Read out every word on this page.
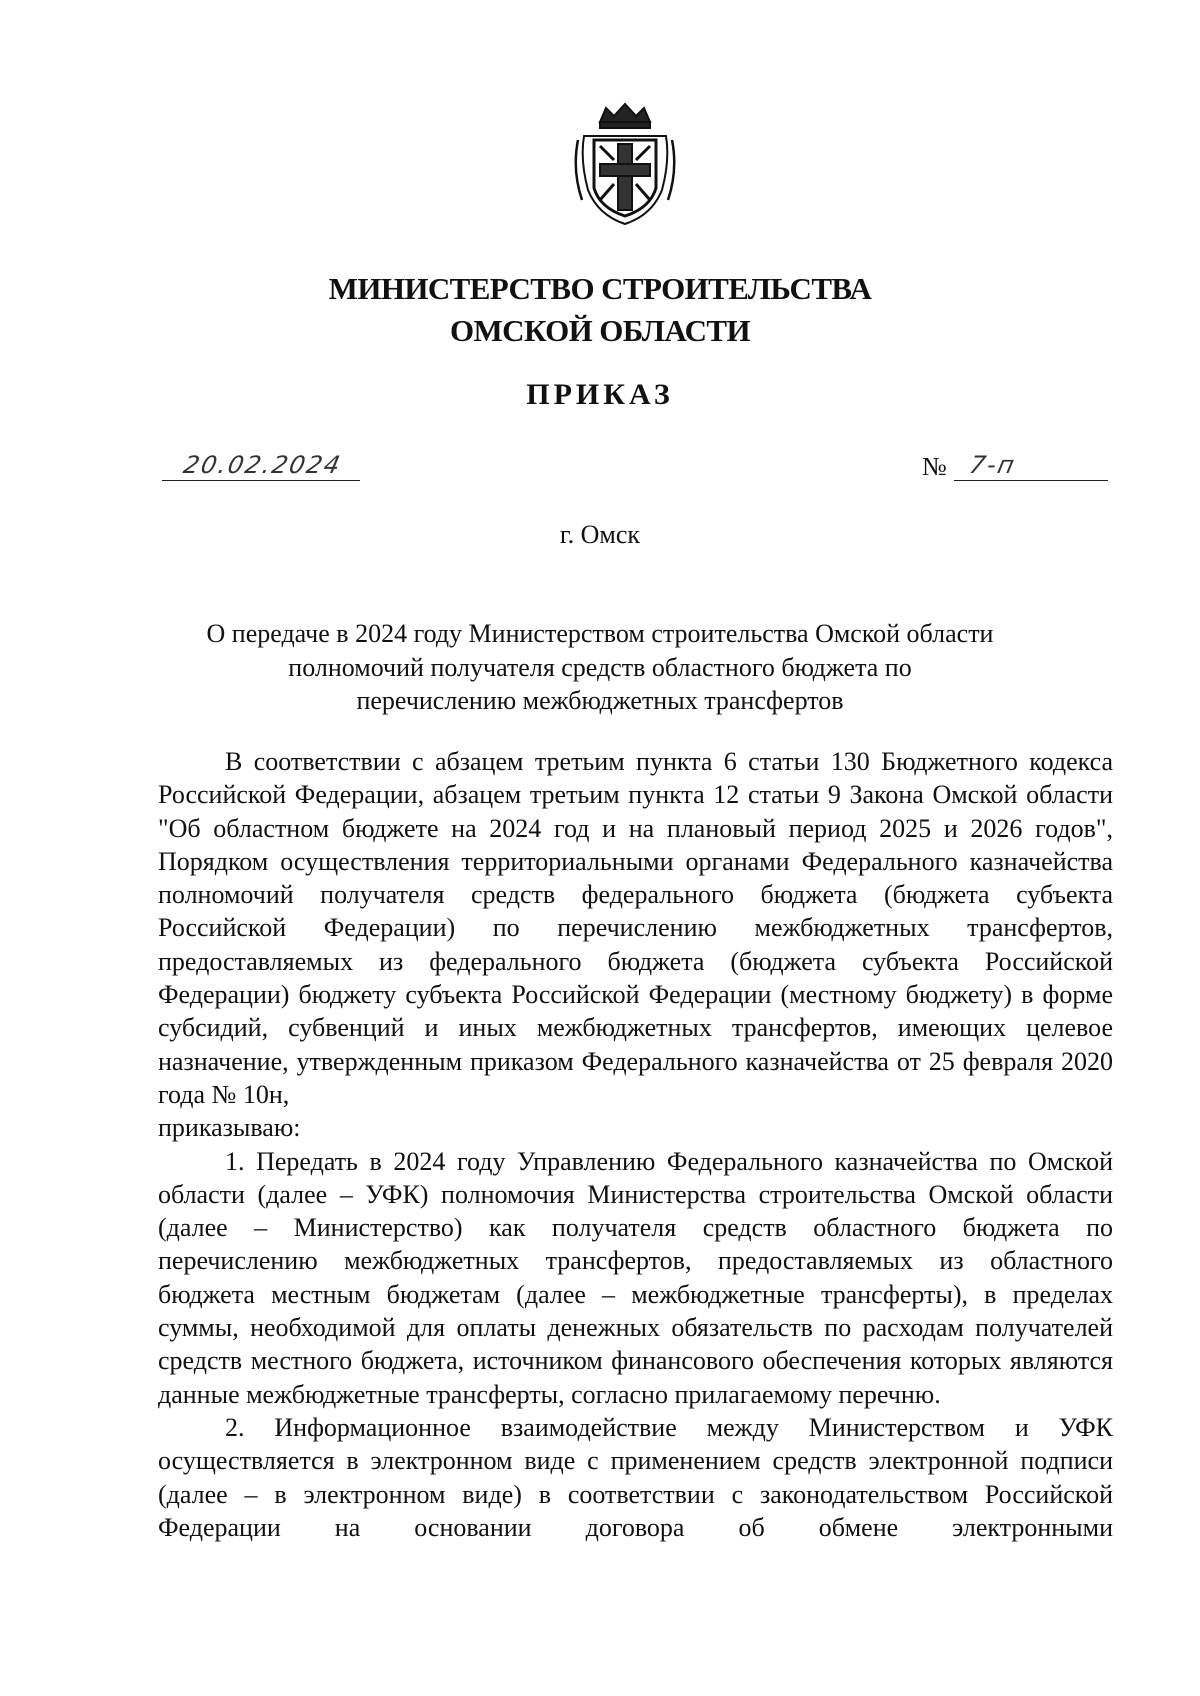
МИНИСТЕРСТВО СТРОИТЕЛЬСТВА
ОМСКОЙ ОБЛАСТИ
ПРИКАЗ
20.02.2024	№ 7-п
г. Омск
О передаче в 2024 году Министерством строительства Омской области
полномочий получателя средств областного бюджета по
перечислению межбюджетных трансфертов

В соответствии с абзацем третьим пункта 6 статьи 130 Бюджетного кодекса Российской Федерации, абзацем третьим пункта 12 статьи 9 Закона Омской области "Об областном бюджете на 2024 год и на плановый период 2025 и 2026 годов", Порядком осуществления территориальными органами Федерального казначейства полномочий получателя средств федерального бюджета (бюджета субъекта Российской Федерации) по перечислению межбюджетных трансфертов, предоставляемых из федерального бюджета (бюджета субъекта Российской Федерации) бюджету субъекта Российской Федерации (местному бюджету) в форме субсидий, субвенций и иных межбюджетных трансфертов, имеющих целевое назначение, утвержденным приказом Федерального казначейства от 25 февраля 2020 года № 10н,
приказываю:

1. Передать в 2024 году Управлению Федерального казначейства по Омской области (далее – УФК) полномочия Министерства строительства Омской области (далее – Министерство) как получателя средств областного бюджета по перечислению межбюджетных трансфертов, предоставляемых из областного бюджета местным бюджетам (далее – межбюджетные трансферты), в пределах суммы, необходимой для оплаты денежных обязательств по расходам получателей средств местного бюджета, источником финансового обеспечения которых являются данные межбюджетные трансферты, согласно прилагаемому перечню.

2. Информационное взаимодействие между Министерством и УФК осуществляется в электронном виде с применением средств электронной подписи (далее – в электронном виде) в соответствии с законодательством Российской Федерации на основании договора об обмене электронными
